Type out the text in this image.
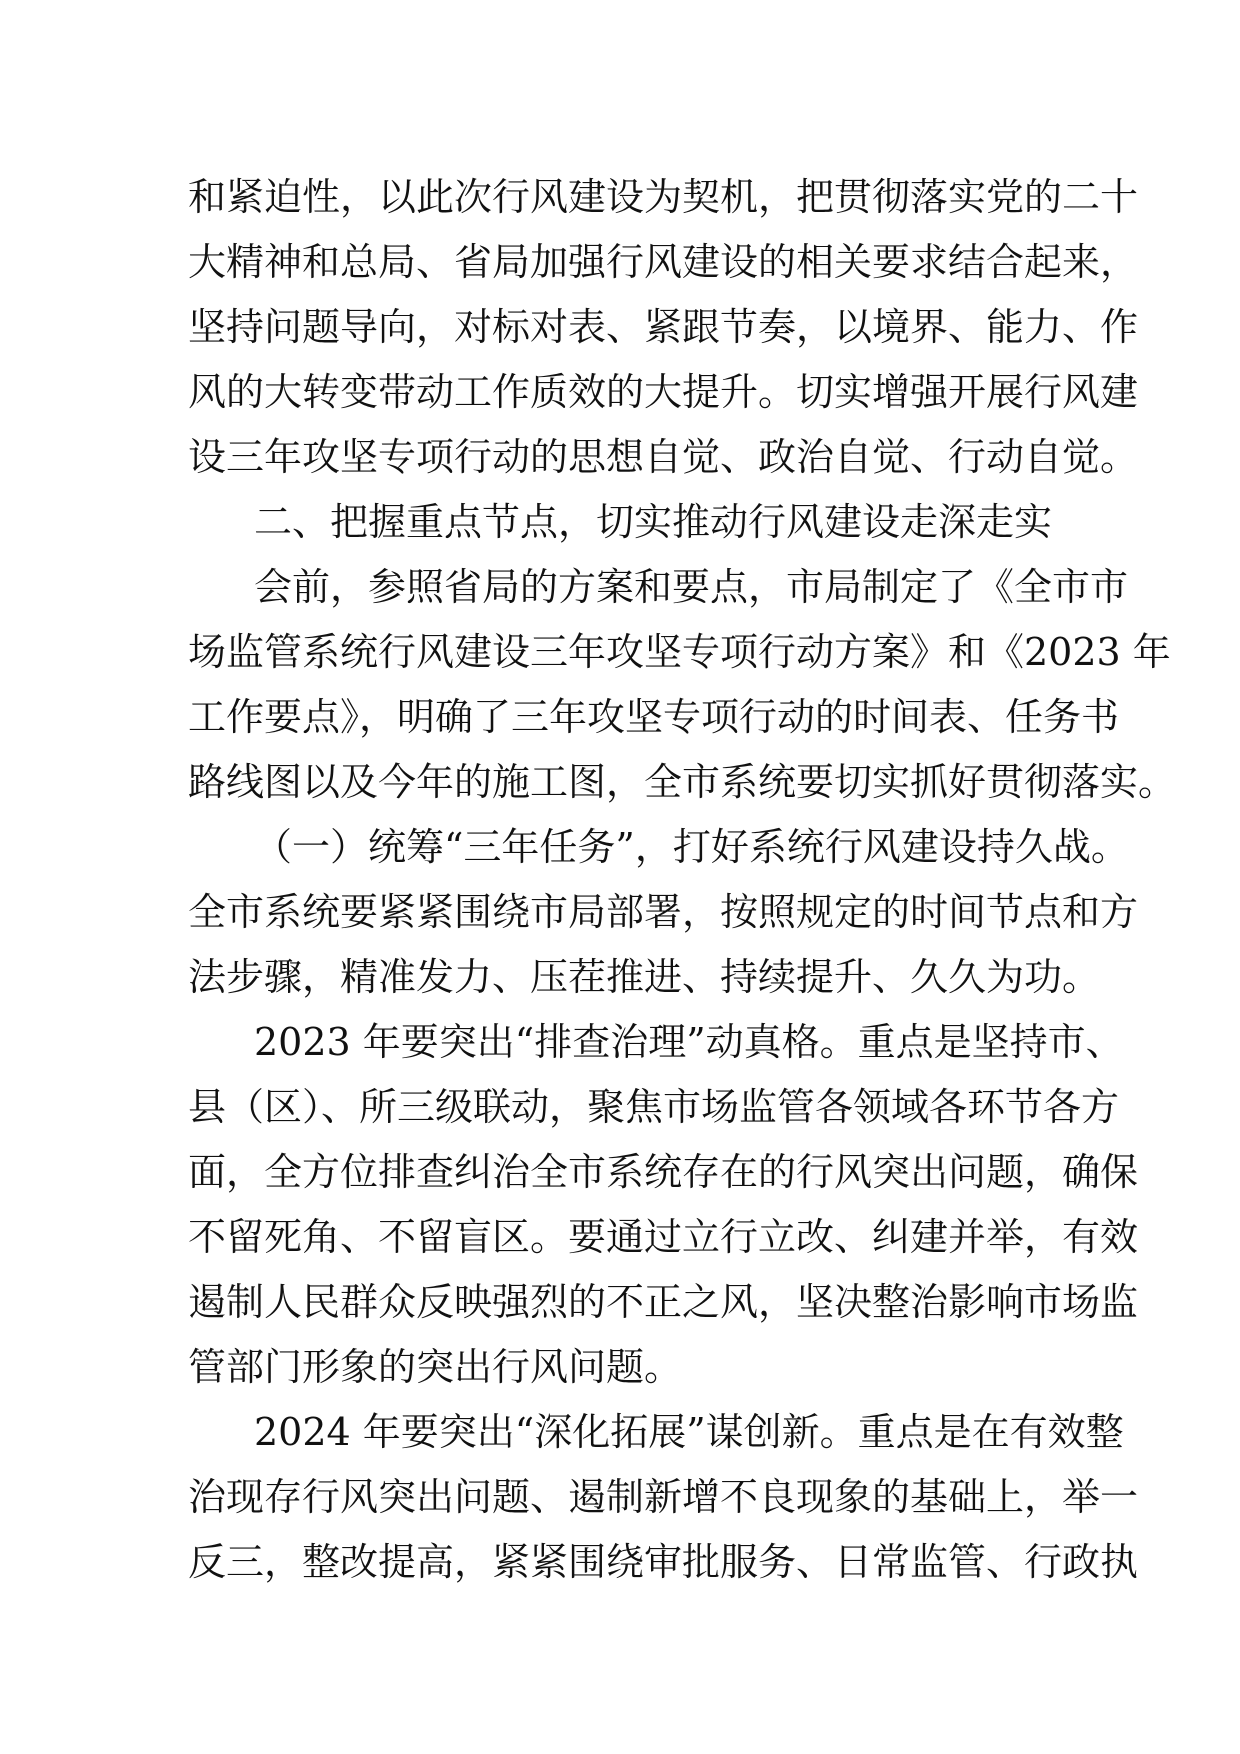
和紧迫性，以此次行风建设为契机，把贯彻落实党的二十
大精神和总局、省局加强行风建设的相关要求结合起来，
坚持问题导向，对标对表、紧跟节奏，以境界、能力、作
风的大转变带动工作质效的大提升。切实增强开展行风建
设三年攻坚专项行动的思想自觉、政治自觉、行动自觉。
二、把握重点节点，切实推动行风建设走深走实
会前，参照省局的方案和要点，市局制定了《全市市
场监管系统行风建设三年攻坚专项行动方案》和《2023 年
工作要点》，明确了三年攻坚专项行动的时间表、任务书
路线图以及今年的施工图，全市系统要切实抓好贯彻落实。
（一）统筹“三年任务”，打好系统行风建设持久战。
全市系统要紧紧围绕市局部署，按照规定的时间节点和方
法步骤，精准发力、压茬推进、持续提升、久久为功。
2023 年要突出“排查治理”动真格。重点是坚持市、
县（区）、所三级联动，聚焦市场监管各领域各环节各方
面，全方位排查纠治全市系统存在的行风突出问题，确保
不留死角、不留盲区。要通过立行立改、纠建并举，有效
遏制人民群众反映强烈的不正之风，坚决整治影响市场监
管部门形象的突出行风问题。
2024 年要突出“深化拓展”谋创新。重点是在有效整
治现存行风突出问题、遏制新增不良现象的基础上，举一
反三，整改提高，紧紧围绕审批服务、日常监管、行政执
